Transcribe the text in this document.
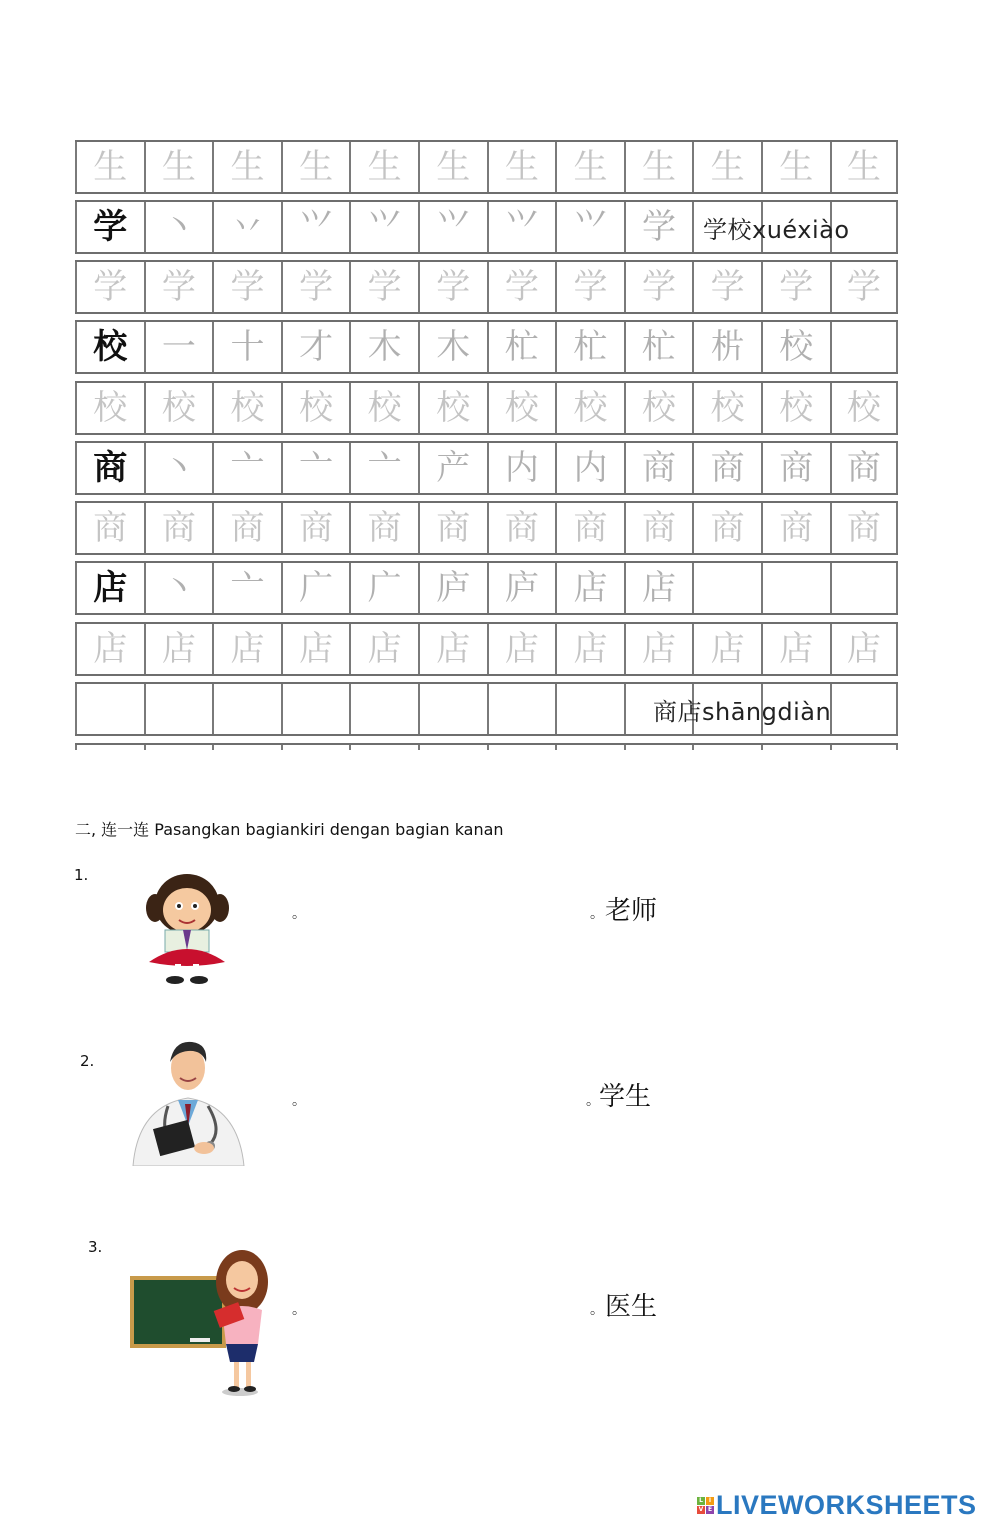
生	生	生	生	生	生	生	生	生	生	生 生
学	丶	丷	⺍	⺍	⺍	⺍	𭕄	学	学校xuéxiào
学	学	学	学	学	学	学	学	学	学	学 学
校	一	十	才	木	木	杧	杧	杧	㭊	校
校	校	校	校	校	校	校	校	校	校	校 校
商	丶	亠	亠	亠	产	内	内	商	商	商 商
商	商	商	商	商	商	商	商	商	商	商 商
店	丶	亠	广	广	庐	庐	店	店
店	店	店	店	店	店	店	店	店	店	店 店
商店shāngdiàn
二, 连一连 Pasangkan bagiankiri dengan bagian kanan
1.
。	。 老师
2.
。	。 学生
3.
。	。 医生
L I
V E LIVEWORKSHEETS
